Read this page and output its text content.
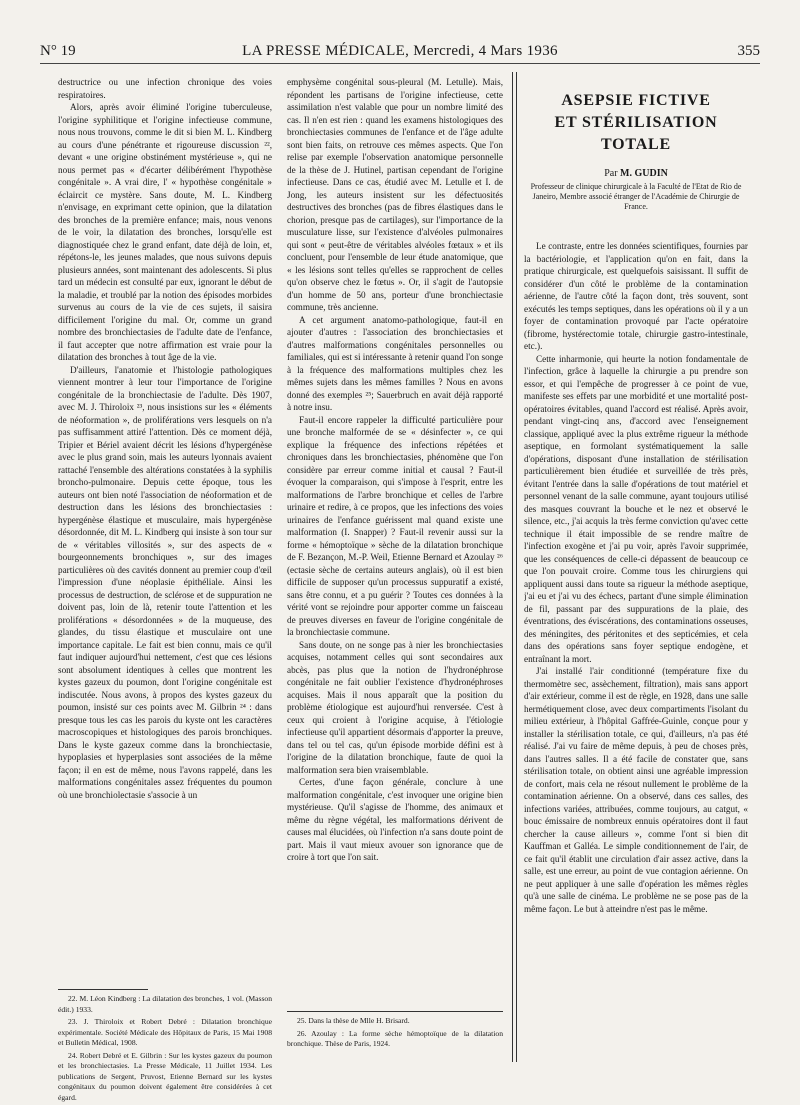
N° 19	LA PRESSE MÉDICALE, Mercredi, 4 Mars 1936	355

destructrice ou une infection chronique des voies respiratoires.

Alors, après avoir éliminé l'origine tuberculeuse, l'origine syphilitique et l'origine infectieuse commune, nous nous trouvons, comme le dit si bien M. L. Kindberg au cours d'une pénétrante et rigoureuse discussion ²², devant « une origine obstinément mystérieuse », qui ne nous permet pas « d'écarter délibérément l'hypothèse congénitale ». A vrai dire, l' « hypothèse congénitale » éclaircit ce mystère. Sans doute, M. L. Kindberg n'envisage, en exprimant cette opinion, que la dilatation des bronches de la première enfance; mais, nous venons de le voir, la dilatation des bronches, lorsqu'elle est diagnostiquée chez le grand enfant, date déjà de loin, et, répétons-le, les jeunes malades, que nous suivons depuis plusieurs années, sont maintenant des adolescents. Si plus tard un médecin est consulté par eux, ignorant le début de la maladie, et troublé par la notion des épisodes morbides survenus au cours de la vie de ces sujets, il saisira difficilement l'origine du mal. Or, comme un grand nombre des bronchiectasies de l'adulte date de l'enfance, il faut accepter que notre affirmation est vraie pour la dilatation des bronches à tout âge de la vie.

D'ailleurs, l'anatomie et l'histologie pathologiques viennent montrer à leur tour l'importance de l'origine congénitale de la bronchiectasie de l'adulte. Dès 1907, avec M. J. Thiroloix ²³, nous insistions sur les « éléments de néoformation », de proliférations vers lesquels on n'a pas suffisamment attiré l'attention. Dès ce moment déjà, Tripier et Bériel avaient décrit les lésions d'hypergénèse avec le plus grand soin, mais les auteurs lyonnais avaient rattaché l'ensemble des altérations constatées à la syphilis broncho-pulmonaire. Depuis cette époque, tous les auteurs ont bien noté l'association de néoformation et de destruction dans les lésions des bronchiectasies : hypergénèse élastique et musculaire, mais hypergénèse désordonnée, dit M. L. Kindberg qui insiste à son tour sur de « véritables villosités », sur des aspects de « bourgeonnements bronchiques », sur des images particulières où des cavités donnent au premier coup d'œil l'impression d'une néoplasie épithéliale. Ainsi les processus de destruction, de sclérose et de suppuration ne doivent pas, loin de là, retenir toute l'attention et les proliférations « désordonnées » de la muqueuse, des glandes, du tissu élastique et musculaire ont une importance capitale. Le fait est bien connu, mais ce qu'il faut indiquer aujourd'hui nettement, c'est que ces lésions sont absolument identiques à celles que montrent les kystes gazeux du poumon, dont l'origine congénitale est indiscutée. Nous avons, à propos des kystes gazeux du poumon, insisté sur ces points avec M. Gilbrin ²⁴ : dans presque tous les cas les parois du kyste ont les caractères macroscopiques et histologiques des parois bronchiques. Dans le kyste gazeux comme dans la bronchiectasie, hypoplasies et hyperplasies sont associées de la même façon; il en est de même, nous l'avons rappelé, dans les malformations congénitales assez fréquentes du poumon où une bronchiolectasie s'associe à un

22. M. Léon Kindberg : La dilatation des bronches, 1 vol. (Masson édit.) 1933.

23. J. Thiroloix et Robert Debré : Dilatation bronchique expérimentale. Société Médicale des Hôpitaux de Paris, 15 Mai 1908 et Bulletin Médical, 1908.

24. Robert Debré et E. Gilbrin : Sur les kystes gazeux du poumon et les bronchiectasies. La Presse Médicale, 11 Juillet 1934. Les publications de Sergent, Pruvost, Etienne Bernard sur les kystes congénitaux du poumon doivent également être considérées à cet égard.

emphysème congénital sous-pleural (M. Letulle). Mais, répondent les partisans de l'origine infectieuse, cette assimilation n'est valable que pour un nombre limité des cas. Il n'en est rien : quand les examens histologiques des bronchiectasies communes de l'enfance et de l'âge adulte sont bien faits, on retrouve ces mêmes aspects. Que l'on relise par exemple l'observation anatomique personnelle de la thèse de J. Hutinel, partisan cependant de l'origine infectieuse. Dans ce cas, étudié avec M. Letulle et I. de Jong, les auteurs insistent sur les défectuosités destructives des bronches (pas de fibres élastiques dans le chorion, presque pas de cartilages), sur l'importance de la musculature lisse, sur l'existence d'alvéoles pulmonaires qui sont « peut-être de véritables alvéoles fœtaux » et ils concluent, pour l'ensemble de leur étude anatomique, que « les lésions sont telles qu'elles se rapprochent de celles qu'on observe chez le fœtus ». Or, il s'agit de l'autopsie d'un homme de 50 ans, porteur d'une bronchiectasie commune, très ancienne.

A cet argument anatomo-pathologique, faut-il en ajouter d'autres : l'association des bronchiectasies et d'autres malformations congénitales personnelles ou familiales, qui est si intéressante à retenir quand l'on songe à la fréquence des malformations multiples chez les mêmes sujets dans les mêmes familles ? Nous en avons donné des exemples ²⁵; Sauerbruch en avait déjà rapporté à notre insu.

Faut-il encore rappeler la difficulté particulière pour une bronche malformée de se « désinfecter », ce qui explique la fréquence des infections répétées et chroniques dans les bronchiectasies, phénomène que l'on considère par erreur comme initial et causal ? Faut-il évoquer la comparaison, qui s'impose à l'esprit, entre les malformations de l'arbre bronchique et celles de l'arbre urinaire et redire, à ce propos, que les infections des voies urinaires de l'enfance guérissent mal quand existe une malformation (I. Snapper) ? Faut-il revenir aussi sur la forme « hémoptoïque » sèche de la dilatation bronchique de F. Bezançon, M.-P. Weil, Etienne Bernard et Azoulay ²⁶ (ectasie sèche de certains auteurs anglais), où il est bien difficile de supposer qu'un processus suppuratif a existé, sans être connu, et a pu guérir ? Toutes ces données à la vérité vont se rejoindre pour apporter comme un faisceau de preuves diverses en faveur de l'origine congénitale de la bronchiectasie commune.

Sans doute, on ne songe pas à nier les bronchiectasies acquises, notamment celles qui sont secondaires aux abcès, pas plus que la notion de l'hydronéphrose congénitale ne fait oublier l'existence d'hydronéphroses acquises. Mais il nous apparaît que la position du problème étiologique est aujourd'hui renversée. C'est à ceux qui croient à l'origine acquise, à l'étiologie infectieuse qu'il appartient désormais d'apporter la preuve, dans tel ou tel cas, qu'un épisode morbide défini est à l'origine de la dilatation bronchique, faute de quoi la malformation sera bien vraisemblable.

Certes, d'une façon générale, conclure à une malformation congénitale, c'est invoquer une origine bien mystérieuse. Qu'il s'agisse de l'homme, des animaux et même du règne végétal, les malformations dérivent de causes mal élucidées, où l'infection n'a sans doute point de part. Mais il vaut mieux avouer son ignorance que de croire à tort que l'on sait.

25. Dans la thèse de Mlle H. Brisard.

26. Azoulay : La forme sèche hémoptoïque de la dilatation bronchique. Thèse de Paris, 1924.

ASEPSIE FICTIVE

ET STÉRILISATION TOTALE

Par M. GUDIN
Professeur de clinique chirurgicale à la Faculté de l'Etat de Rio de Janeiro, Membre associé étranger de l'Académie de Chirurgie de France.

Le contraste, entre les données scientifiques, fournies par la bactériologie, et l'application qu'on en fait, dans la pratique chirurgicale, est quelquefois saisissant. Il suffit de considérer d'un côté le problème de la contamination aérienne, de l'autre côté la façon dont, très souvent, sont exécutés les temps septiques, dans les opérations où il y a un foyer de contamination provoqué par l'acte opératoire (fibrome, hystérectomie totale, chirurgie gastro-intestinale, etc.).

Cette inharmonie, qui heurte la notion fondamentale de l'infection, grâce à laquelle la chirurgie a pu prendre son essor, et qui l'empêche de progresser à ce point de vue, manifeste ses effets par une morbidité et une mortalité post-opératoires évitables, quand l'accord est réalisé. Après avoir, pendant vingt-cinq ans, d'accord avec l'enseignement classique, appliqué avec la plus extrême rigueur la méthode aseptique, en formolant systématiquement la salle d'opérations, disposant d'une installation de stérilisation particulièrement bien étudiée et surveillée de très près, évitant l'entrée dans la salle d'opérations de tout matériel et personnel venant de la salle commune, ayant toujours utilisé des masques couvrant la bouche et le nez et observé le silence, etc., j'ai acquis la très ferme conviction qu'avec cette technique il était impossible de se rendre maître de l'infection exogène et j'ai pu voir, après l'avoir supprimée, que les conséquences de celle-ci dépassent de beaucoup ce que l'on pouvait croire. Comme tous les chirurgiens qui appliquent aussi dans toute sa rigueur la méthode aseptique, j'ai eu et j'ai vu des échecs, partant d'une simple élimination de fil, passant par des suppurations de la plaie, des éventrations, des éviscérations, des contaminations osseuses, des méningites, des péritonites et des septicémies, et cela dans des opérations sans foyer septique endogène, et entraînant la mort.

J'ai installé l'air conditionné (température fixe du thermomètre sec, assèchement, filtration), mais sans apport d'air extérieur, comme il est de règle, en 1928, dans une salle hermétiquement close, avec deux compartiments l'isolant du milieu extérieur, à l'hôpital Gaffrée-Guinle, conçue pour y installer la stérilisation totale, ce qui, d'ailleurs, n'a pas été réalisé. J'ai vu faire de même depuis, à peu de choses près, dans l'autres salles. Il a été facile de constater que, sans stérilisation totale, on obtient ainsi une agréable impression de confort, mais cela ne résout nullement le problème de la contamination aérienne. On a observé, dans ces salles, des infections variées, attribuées, comme toujours, au catgut, « bouc émissaire de nombreux ennuis opératoires dont il faut chercher la cause ailleurs », comme l'ont si bien dit Kauffman et Galléa. Le simple conditionnement de l'air, de ce fait qu'il établit une circulation d'air assez active, dans la salle, est une erreur, au point de vue contagion aérienne. On ne peut appliquer à une salle d'opération les mêmes règles qu'à une salle de cinéma. Le problème ne se pose pas de la même façon. Le but à atteindre n'est pas le même.
